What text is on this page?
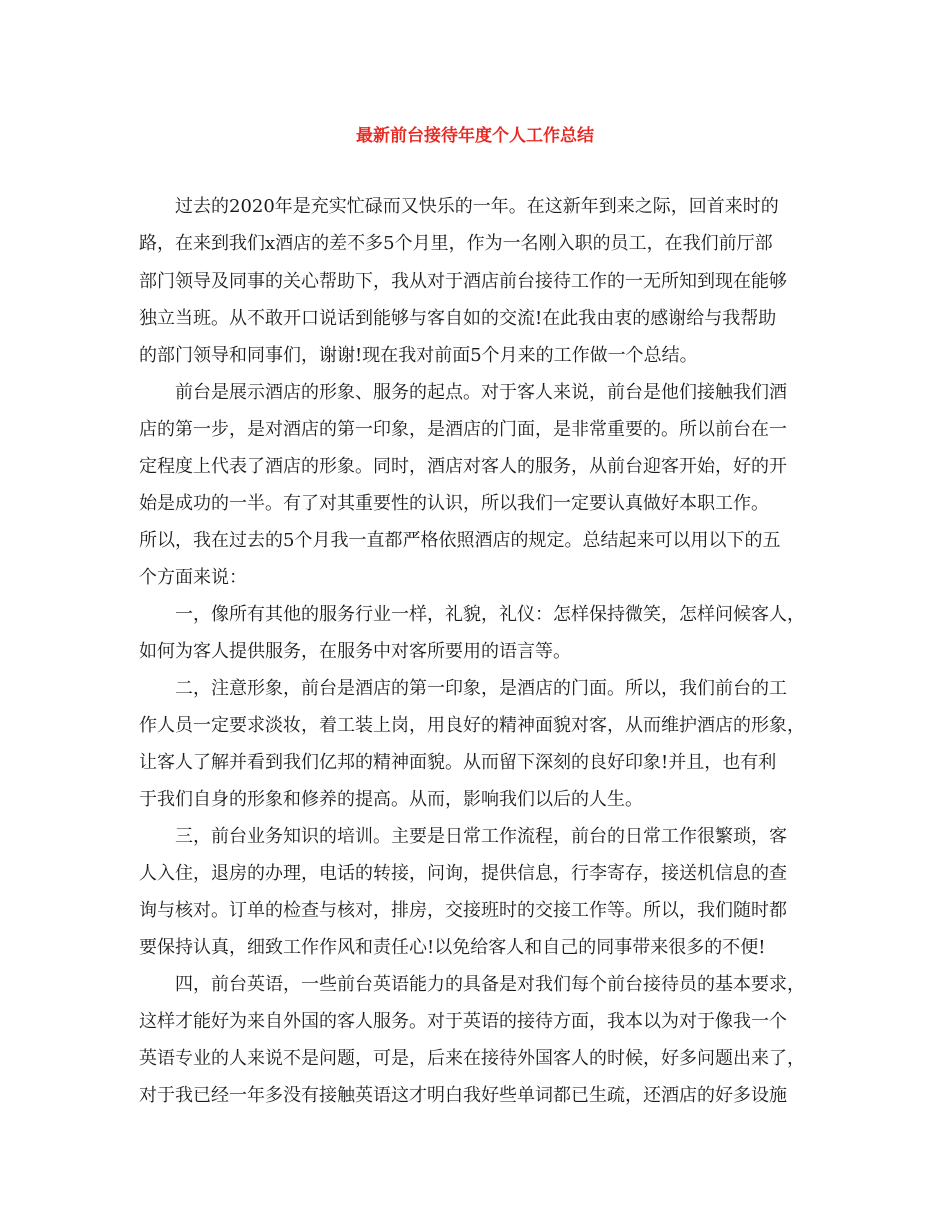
最新前台接待年度个人工作总结

过去的2020年是充实忙碌而又快乐的一年。在这新年到来之际，回首来时的

路，在来到我们x酒店的差不多5个月里，作为一名刚入职的员工，在我们前厅部

部门领导及同事的关心帮助下，我从对于酒店前台接待工作的一无所知到现在能够

独立当班。从不敢开口说话到能够与客自如的交流!在此我由衷的感谢给与我帮助

的部门领导和同事们，谢谢!现在我对前面5个月来的工作做一个总结。

前台是展示酒店的形象、服务的起点。对于客人来说，前台是他们接触我们酒

店的第一步，是对酒店的第一印象，是酒店的门面，是非常重要的。所以前台在一

定程度上代表了酒店的形象。同时，酒店对客人的服务，从前台迎客开始，好的开

始是成功的一半。有了对其重要性的认识，所以我们一定要认真做好本职工作。

所以，我在过去的5个月我一直都严格依照酒店的规定。总结起来可以用以下的五

个方面来说：

一，像所有其他的服务行业一样，礼貌，礼仪：怎样保持微笑，怎样问候客人，

如何为客人提供服务，在服务中对客所要用的语言等。

二，注意形象，前台是酒店的第一印象，是酒店的门面。所以，我们前台的工

作人员一定要求淡妆，着工装上岗，用良好的精神面貌对客，从而维护酒店的形象，

让客人了解并看到我们亿邦的精神面貌。从而留下深刻的良好印象!并且，也有利

于我们自身的形象和修养的提高。从而，影响我们以后的人生。

三，前台业务知识的培训。主要是日常工作流程，前台的日常工作很繁琐，客

人入住，退房的办理，电话的转接，问询，提供信息，行李寄存，接送机信息的查

询与核对。订单的检查与核对，排房，交接班时的交接工作等。所以，我们随时都

要保持认真，细致工作作风和责任心!以免给客人和自己的同事带来很多的不便!

四，前台英语，一些前台英语能力的具备是对我们每个前台接待员的基本要求，

这样才能好为来自外国的客人服务。对于英语的接待方面，我本以为对于像我一个

英语专业的人来说不是问题，可是，后来在接待外国客人的时候，好多问题出来了，

对于我已经一年多没有接触英语这才明白我好些单词都已生疏，还酒店的好多设施
